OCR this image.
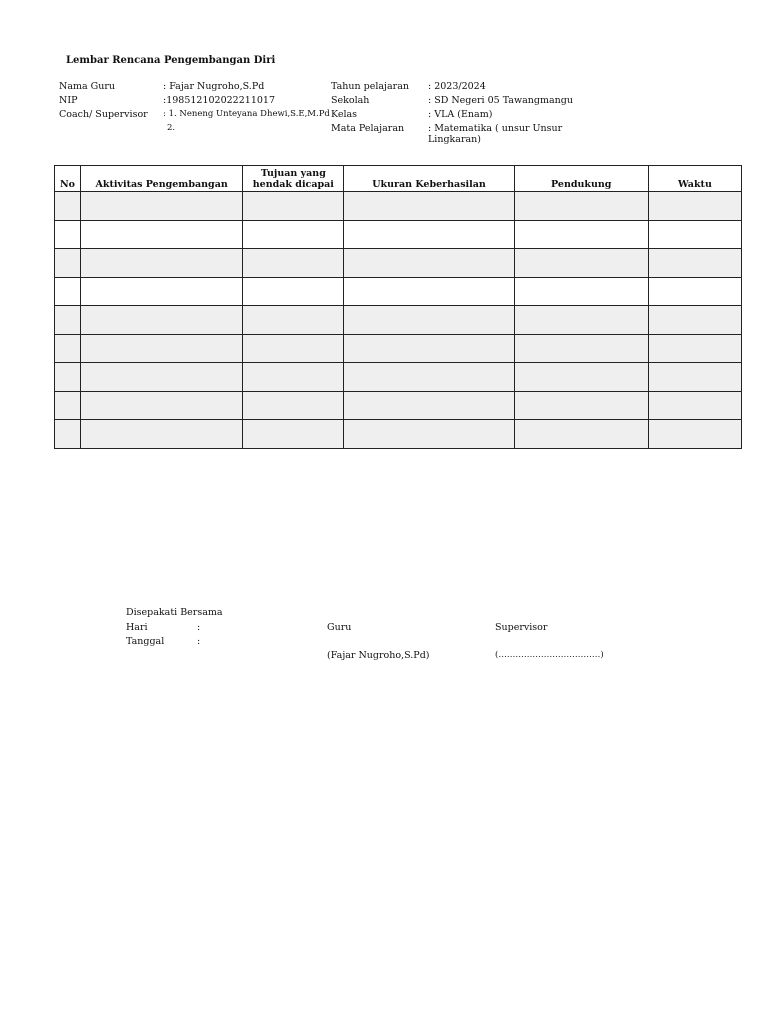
Lembar Rencana Pengembangan Diri
Nama Guru	: Fajar Nugroho,S.Pd
NIP	:198512102022211017
Coach/ Supervisor : 1. Neneng Unteyana Dhewi,S.E,M.Pd
2.
Tahun pelajaran : 2023/2024
Sekolah	: SD Negeri 05 Tawangmangu
Kelas	: VLA (Enam)
Mata Pelajaran	: Matematika ( unsur Unsur Lingkaran)
No	Aktivitas Pengembangan	Tujuan yang hendak dicapai	Ukuran Keberhasilan	Pendukung	Waktu

Disepakati Bersama
Hari	:
Tanggal	:
Guru
(Fajar Nugroho,S.Pd)
Supervisor
(………………………………)
